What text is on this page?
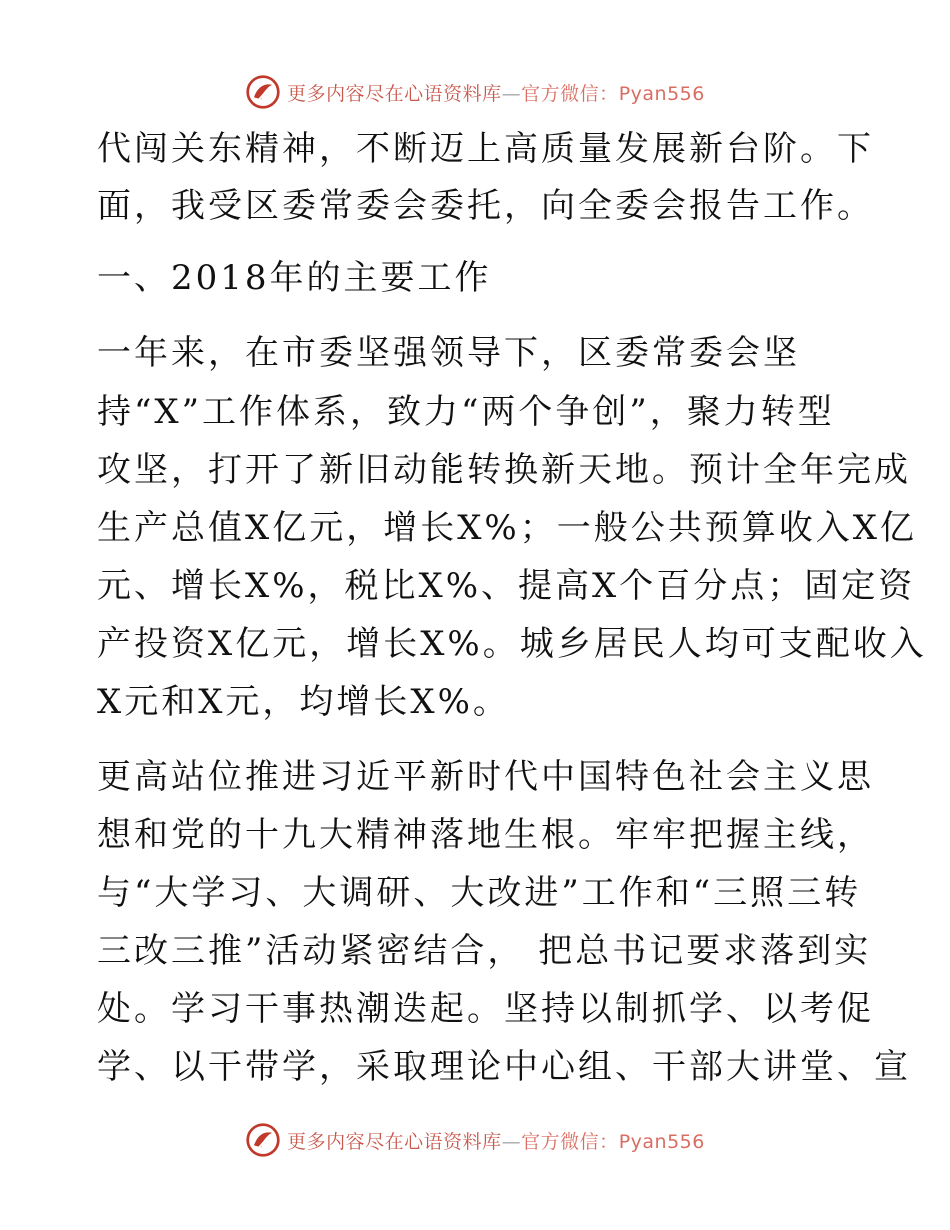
更多内容尽在心语资料库—官方微信：Pyan556
代闯关东精神，不断迈上高质量发展新台阶。下
面，我受区委常委会委托，向全委会报告工作。
一、2018年的主要工作
一年来，在市委坚强领导下，区委常委会坚
持“X”工作体系，致力“两个争创”，聚力转型
攻坚，打开了新旧动能转换新天地。预计全年完成
生产总值X亿元，增长X%；一般公共预算收入X亿
元、增长X%，税比X%、提高X个百分点；固定资
产投资X亿元，增长X%。城乡居民人均可支配收入
X元和X元，均增长X%。
更高站位推进习近平新时代中国特色社会主义思
想和党的十九大精神落地生根。牢牢把握主线，
与“大学习、大调研、大改进”工作和“三照三转
三改三推”活动紧密结合， 把总书记要求落到实
处。学习干事热潮迭起。坚持以制抓学、以考促
学、以干带学，采取理论中心组、干部大讲堂、宣
更多内容尽在心语资料库—官方微信：Pyan556
